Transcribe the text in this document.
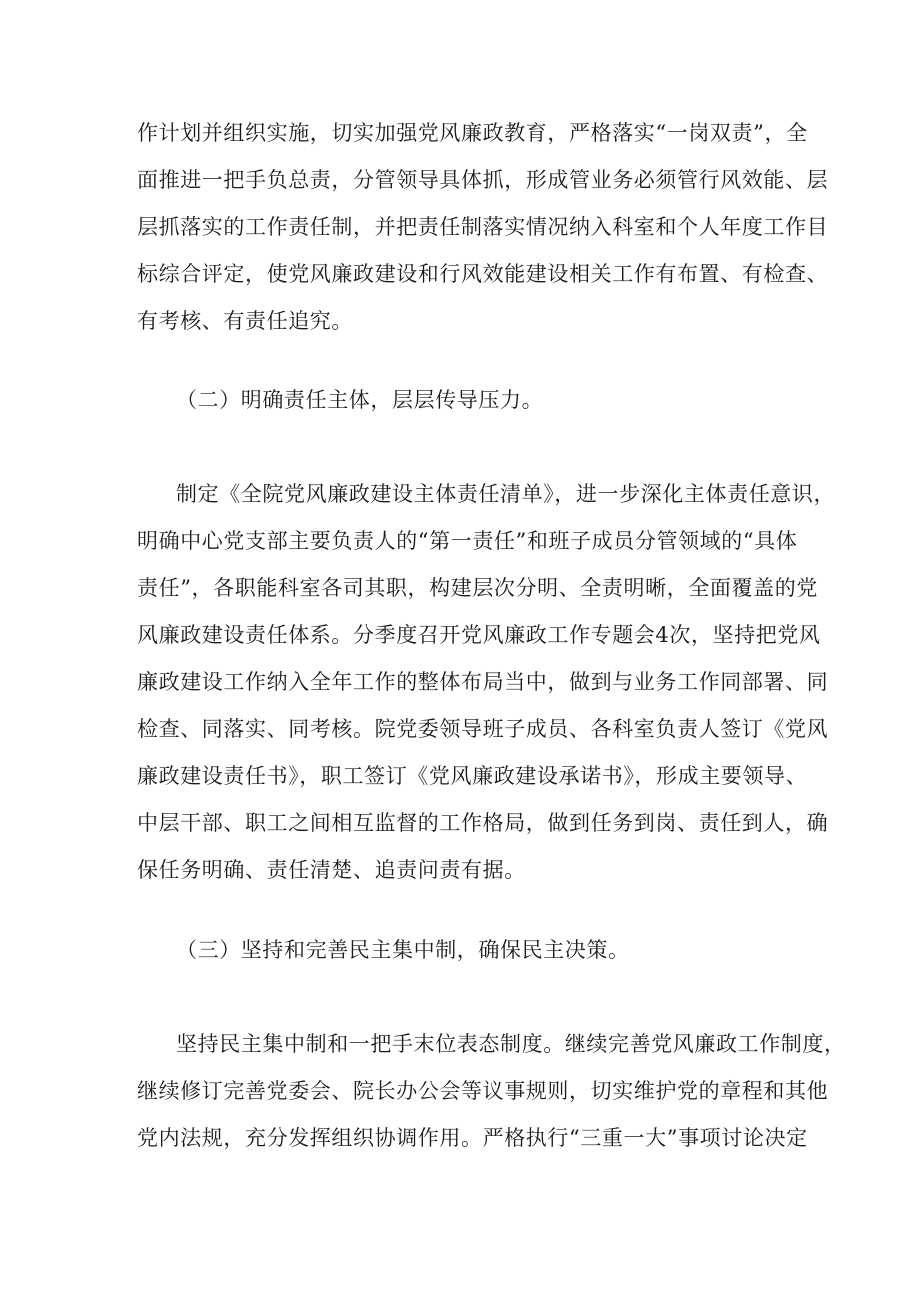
作计划并组织实施，切实加强党风廉政教育，严格落实“一岗双责”，全
面推进一把手负总责，分管领导具体抓，形成管业务必须管行风效能、层
层抓落实的工作责任制，并把责任制落实情况纳入科室和个人年度工作目
标综合评定，使党风廉政建设和行风效能建设相关工作有布置、有检查、
有考核、有责任追究。
（二）明确责任主体，层层传导压力。
制定《全院党风廉政建设主体责任清单》，进一步深化主体责任意识，
明确中心党支部主要负责人的“第一责任”和班子成员分管领域的“具体
责任”，各职能科室各司其职，构建层次分明、全责明晰，全面覆盖的党
风廉政建设责任体系。分季度召开党风廉政工作专题会4次，坚持把党风
廉政建设工作纳入全年工作的整体布局当中，做到与业务工作同部署、同
检查、同落实、同考核。院党委领导班子成员、各科室负责人签订《党风
廉政建设责任书》，职工签订《党风廉政建设承诺书》，形成主要领导、
中层干部、职工之间相互监督的工作格局，做到任务到岗、责任到人，确
保任务明确、责任清楚、追责问责有据。
（三）坚持和完善民主集中制，确保民主决策。
坚持民主集中制和一把手末位表态制度。继续完善党风廉政工作制度，
继续修订完善党委会、院长办公会等议事规则，切实维护党的章程和其他
党内法规，充分发挥组织协调作用。严格执行“三重一大”事项讨论决定
